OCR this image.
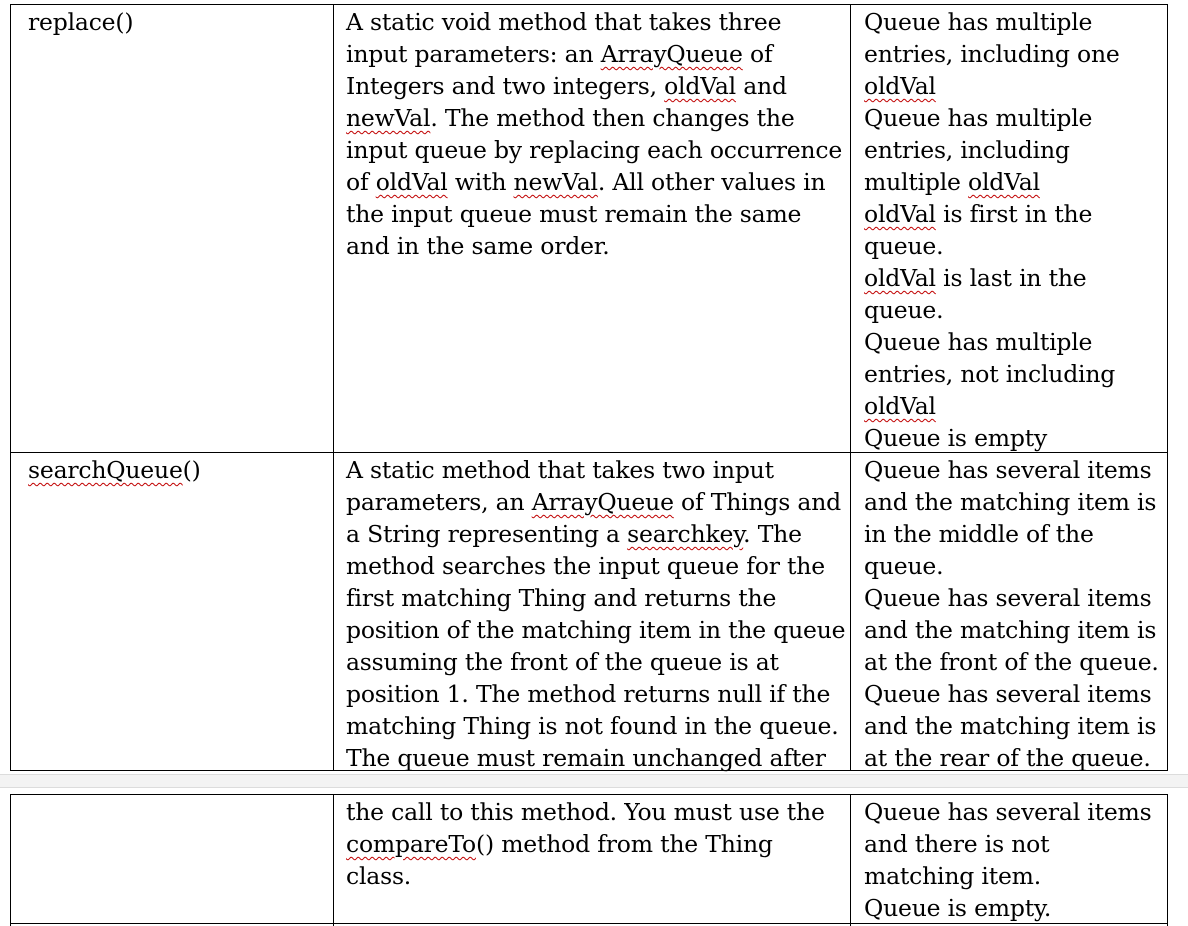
replace()	A static void method that takes three
input parameters: an ArrayQueue of
Integers and two integers, oldVal and
newVal. The method then changes the
input queue by replacing each occurrence
of oldVal with newVal. All other values in
the input queue must remain the same
and in the same order.
Queue has multiple
entries, including one
oldVal
Queue has multiple
entries, including
multiple oldVal
oldVal is first in the
queue.
oldVal is last in the
queue.
Queue has multiple
entries, not including
oldVal
Queue is empty
searchQueue()	A static method that takes two input
parameters, an ArrayQueue of Things and
a String representing a searchkey. The
method searches the input queue for the
first matching Thing and returns the
position of the matching item in the queue
assuming the front of the queue is at
position 1. The method returns null if the
matching Thing is not found in the queue.
The queue must remain unchanged after
Queue has several items
and the matching item is
in the middle of the
queue.
Queue has several items
and the matching item is
at the front of the queue.
Queue has several items
and the matching item is
at the rear of the queue.
the call to this method. You must use the
compareTo() method from the Thing
class.
Queue has several items
and there is not
matching item.
Queue is empty.
